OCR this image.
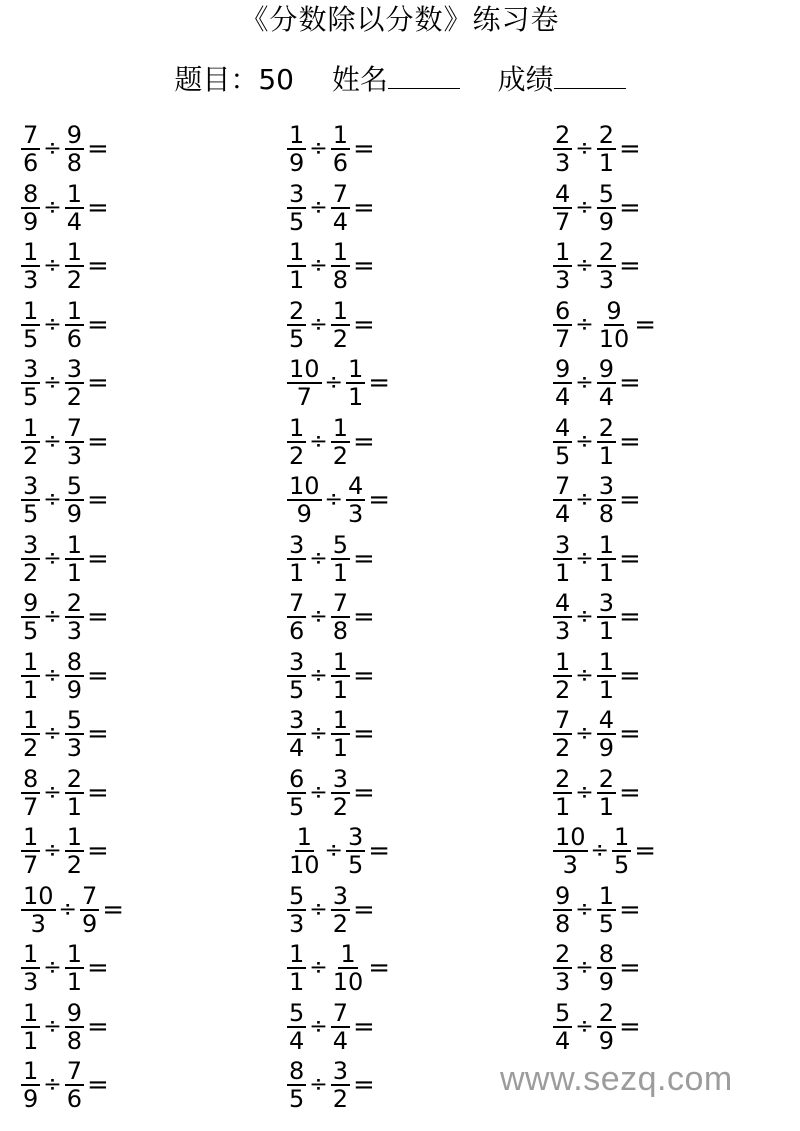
《分数除以分数》练习卷
题目：50 姓名	成绩
$\frac{7}{6} \div \frac{9}{8}$ =
$\frac{8}{9} \div \frac{1}{4}$ =
$\frac{1}{3} \div \frac{1}{2}$ =
$\frac{1}{5} \div \frac{1}{6}$ =
$\frac{3}{5} \div \frac{3}{2}$ =
$\frac{1}{2} \div \frac{7}{3}$ =
$\frac{3}{5} \div \frac{5}{9}$ =
$\frac{3}{2} \div \frac{1}{1}$ =
$\frac{9}{5} \div \frac{2}{3}$ =
$\frac{1}{1} \div \frac{8}{9}$ =
$\frac{1}{2} \div \frac{5}{3}$ =
$\frac{8}{7} \div \frac{2}{1}$ =
$\frac{1}{7} \div \frac{1}{2}$ =
$\frac{10}{3} \div \frac{7}{9}$ =
$\frac{1}{3} \div \frac{1}{1}$ =
$\frac{1}{1} \div \frac{9}{8}$ =
$\frac{1}{9} \div \frac{7}{6}$ =
$\frac{1}{9} \div \frac{1}{6}$ =
$\frac{3}{5} \div \frac{7}{4}$ =
$\frac{1}{1} \div \frac{1}{8}$ =
$\frac{2}{5} \div \frac{1}{2}$ =
$\frac{10}{7} \div \frac{1}{1}$ =
$\frac{1}{2} \div \frac{1}{2}$ =
$\frac{10}{9} \div \frac{4}{3}$ =
$\frac{3}{1} \div \frac{5}{1}$ =
$\frac{7}{6} \div \frac{7}{8}$ =
$\frac{3}{5} \div \frac{1}{1}$ =
$\frac{3}{4} \div \frac{1}{1}$ =
$\frac{6}{5} \div \frac{3}{2}$ =
$\frac{1}{10} \div \frac{3}{5}$ =
$\frac{5}{3} \div \frac{3}{2}$ =
$\frac{1}{1} \div \frac{1}{10}$ =
$\frac{5}{4} \div \frac{7}{4}$ =
$\frac{8}{5} \div \frac{3}{2}$ =
$\frac{2}{3} \div \frac{2}{1}$ =
$\frac{4}{7} \div \frac{5}{9}$ =
$\frac{1}{3} \div \frac{2}{3}$ =
$\frac{6}{7} \div \frac{9}{10}$ =
$\frac{9}{4} \div \frac{9}{4}$ =
$\frac{4}{5} \div \frac{2}{1}$ =
$\frac{7}{4} \div \frac{3}{8}$ =
$\frac{3}{1} \div \frac{1}{1}$ =
$\frac{4}{3} \div \frac{3}{1}$ =
$\frac{1}{2} \div \frac{1}{1}$ =
$\frac{7}{2} \div \frac{4}{9}$ =
$\frac{2}{1} \div \frac{2}{1}$ =
$\frac{10}{3} \div \frac{1}{5}$ =
$\frac{9}{8} \div \frac{1}{5}$ =
$\frac{2}{3} \div \frac{8}{9}$ =
$\frac{5}{4} \div \frac{2}{9}$ =
www.sezq.com
